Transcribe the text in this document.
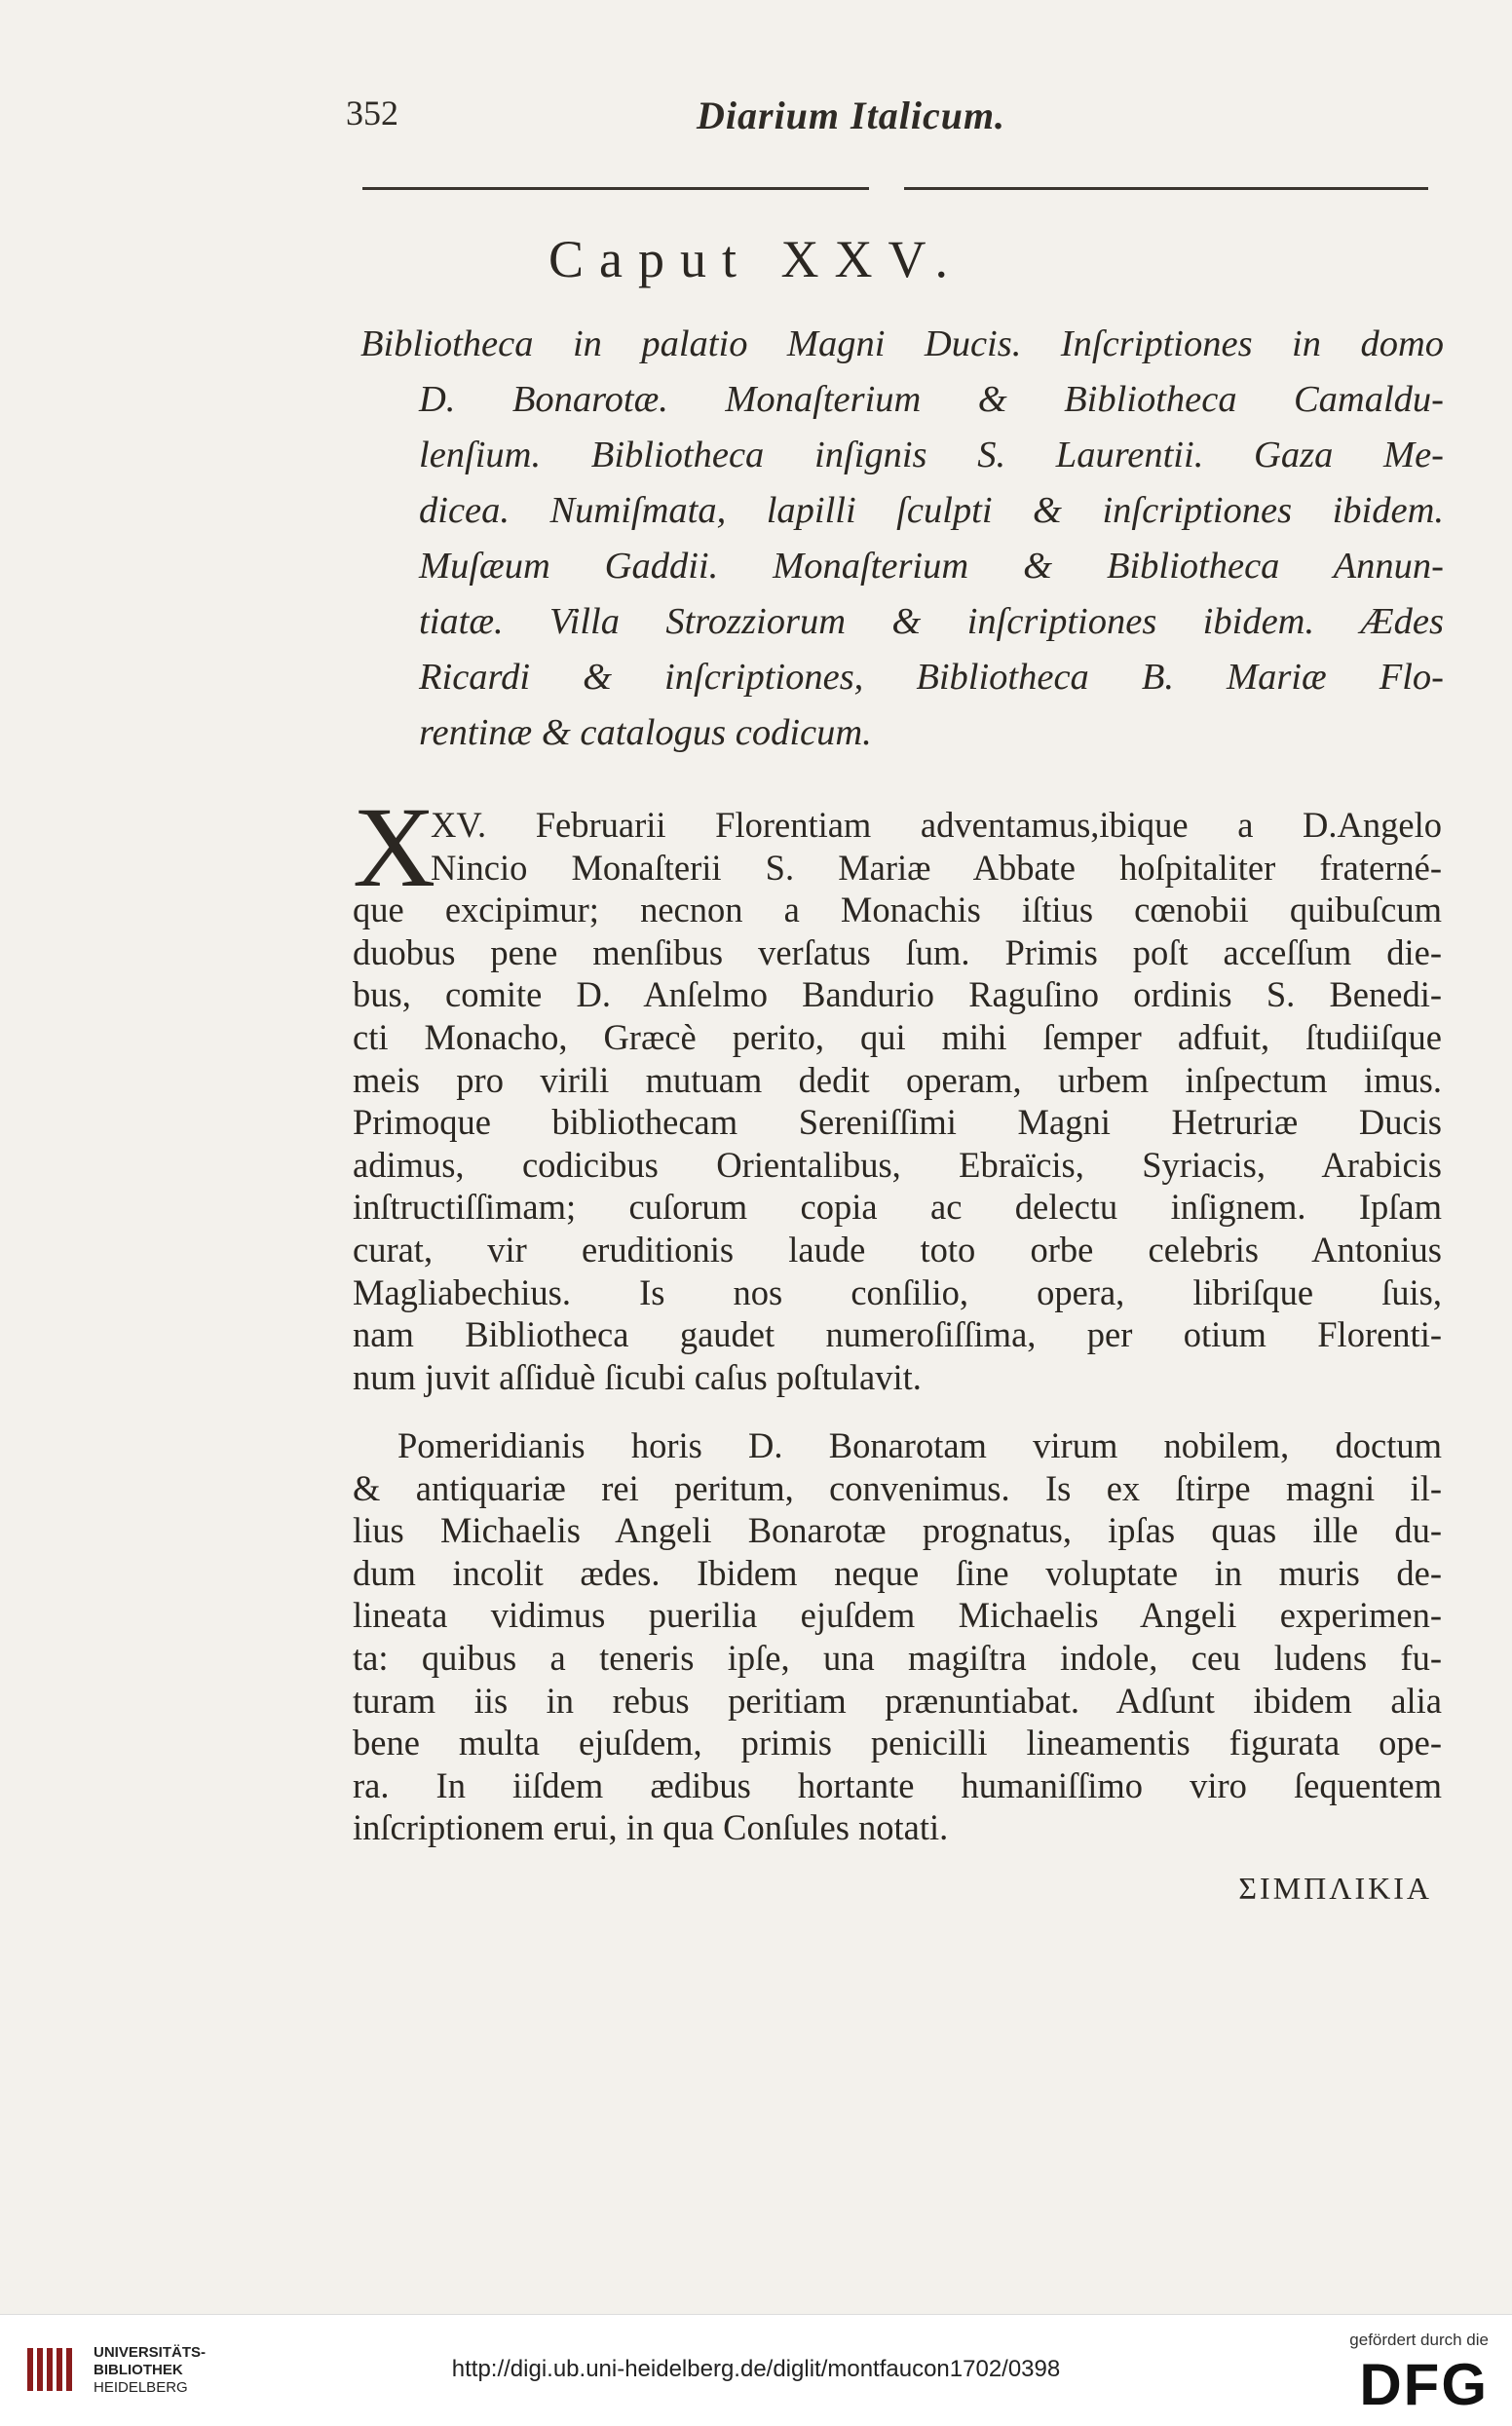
352	Diarium Italicum.
Caput XXV.
Bibliotheca in palatio Magni Ducis. Inſcriptiones in domo
D. Bonarotæ. Monaſterium & Bibliotheca Camaldu-
lenſium. Bibliotheca inſignis S. Laurentii. Gaza Me-
dicea. Numiſmata, lapilli ſculpti & inſcriptiones ibidem.
Muſæum Gaddii. Monaſterium & Bibliotheca Annun-
tiatæ. Villa Strozziorum & inſcriptiones ibidem. Ædes
Ricardi & inſcriptiones, Bibliotheca B. Mariæ Flo-
rentinæ & catalogus codicum.
X
XV. Februarii Florentiam adventamus,ibique a D.Angelo
Nincio Monaſterii S. Mariæ Abbate hoſpitaliter fraterné-
que excipimur; necnon a Monachis iſtius cœnobii quibuſcum
duobus pene menſibus verſatus ſum. Primis poſt acceſſum die-
bus, comite D. Anſelmo Bandurio Raguſino ordinis S. Benedi-
cti Monacho, Græcè perito, qui mihi ſemper adfuit, ſtudiiſque
meis pro virili mutuam dedit operam, urbem inſpectum imus.
Primoque bibliothecam Sereniſſimi Magni Hetruriæ Ducis
adimus, codicibus Orientalibus, Ebraïcis, Syriacis, Arabicis
inſtructiſſimam; cuſorum copia ac delectu inſignem. Ipſam
curat, vir eruditionis laude toto orbe celebris Antonius
Magliabechius. Is nos conſilio, opera, libriſque ſuis,
nam Bibliotheca gaudet numeroſiſſima, per otium Florenti-
num juvit aſſiduè ſicubi caſus poſtulavit.
Pomeridianis horis D. Bonarotam virum nobilem, doctum
& antiquariæ rei peritum, convenimus. Is ex ſtirpe magni il-
lius Michaelis Angeli Bonarotæ prognatus, ipſas quas ille du-
dum incolit ædes. Ibidem neque ſine voluptate in muris de-
lineata vidimus puerilia ejuſdem Michaelis Angeli experimen-
ta: quibus a teneris ipſe, una magiſtra indole, ceu ludens fu-
turam iis in rebus peritiam prænuntiabat. Adſunt ibidem alia
bene multa ejuſdem, primis penicilli lineamentis figurata ope-
ra. In iiſdem ædibus hortante humaniſſimo viro ſequentem
inſcriptionem erui, in qua Conſules notati.
ΣΙΜΠΛΙΚΙΑ
UNIVERSITÄTS-
BIBLIOTHEK
HEIDELBERG
http://digi.ub.uni-heidelberg.de/diglit/montfaucon1702/0398
gefördert durch die
DFG
